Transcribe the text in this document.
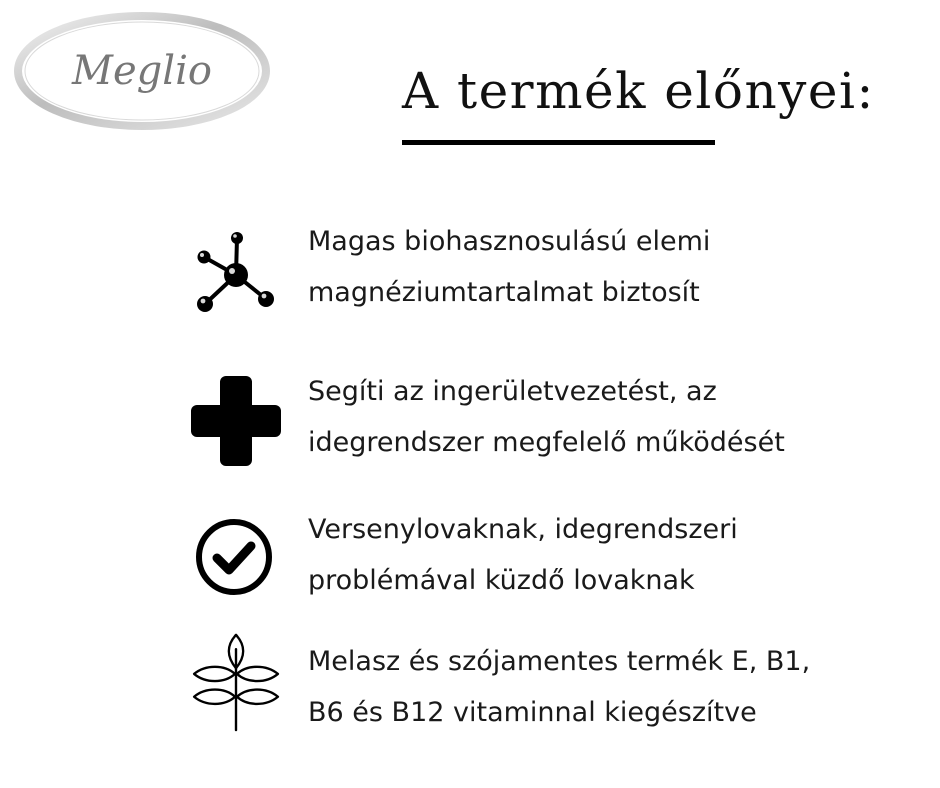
Meglio	A termék előnyei:
Magas biohasznosulású elemi
magnéziumtartalmat biztosít
Segíti az ingerületvezetést, az
idegrendszer megfelelő működését
Versenylovaknak, idegrendszeri
problémával küzdő lovaknak
Melasz és szójamentes termék E, B1,
B6 és B12 vitaminnal kiegészítve
